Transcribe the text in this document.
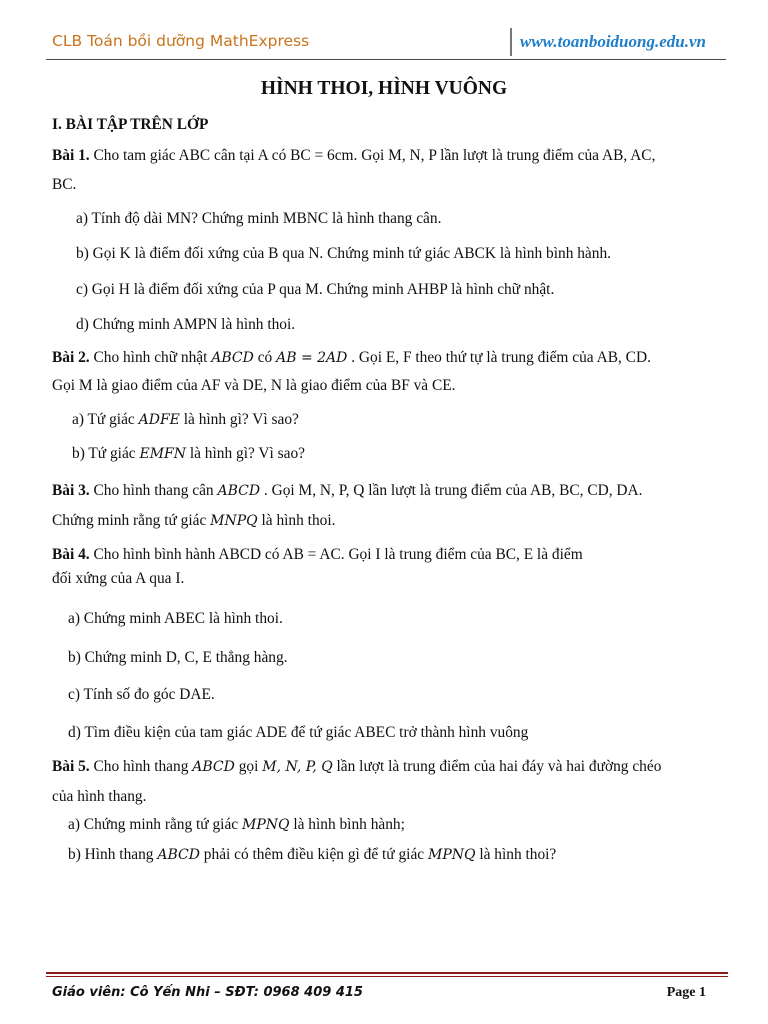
CLB Toán bồi dưỡng MathExpress	www.toanboiduong.edu.vn
HÌNH THOI, HÌNH VUÔNG
I. BÀI TẬP TRÊN LỚP
Bài 1. Cho tam giác ABC cân tại A có BC = 6cm. Gọi M, N, P lần lượt là trung điểm của AB, AC,
BC.
a) Tính độ dài MN? Chứng minh MBNC là hình thang cân.
b) Gọi K là điểm đối xứng của B qua N. Chứng minh tứ giác ABCK là hình bình hành.
c) Gọi H là điểm đối xứng của P qua M. Chứng minh AHBP là hình chữ nhật.
d) Chứng minh AMPN là hình thoi.
Bài 2. Cho hình chữ nhật ABCD có AB = 2AD . Gọi E, F theo thứ tự là trung điểm của AB, CD.
Gọi M là giao điểm của AF và DE, N là giao điểm của BF và CE.
a) Tứ giác ADFE là hình gì? Vì sao?
b) Tứ giác EMFN là hình gì? Vì sao?
Bài 3. Cho hình thang cân ABCD . Gọi M, N, P, Q lần lượt là trung điểm của AB, BC, CD, DA.
Chứng minh rằng tứ giác MNPQ là hình thoi.
Bài 4. Cho hình bình hành ABCD có AB = AC. Gọi I là trung điểm của BC, E là điểm
đối xứng của A qua I.
a) Chứng minh ABEC là hình thoi.
b) Chứng minh D, C, E thẳng hàng.
c) Tính số đo góc DAE.
d) Tìm điều kiện của tam giác ADE để tứ giác ABEC trở thành hình vuông
Bài 5. Cho hình thang ABCD gọi M, N, P, Q lần lượt là trung điểm của hai đáy và hai đường chéo
của hình thang.
a) Chứng minh rằng tứ giác MPNQ là hình bình hành;
b) Hình thang ABCD phải có thêm điều kiện gì để tứ giác MPNQ là hình thoi?
Giáo viên: Cô Yến Nhi – SĐT: 0968 409 415	Page 1
